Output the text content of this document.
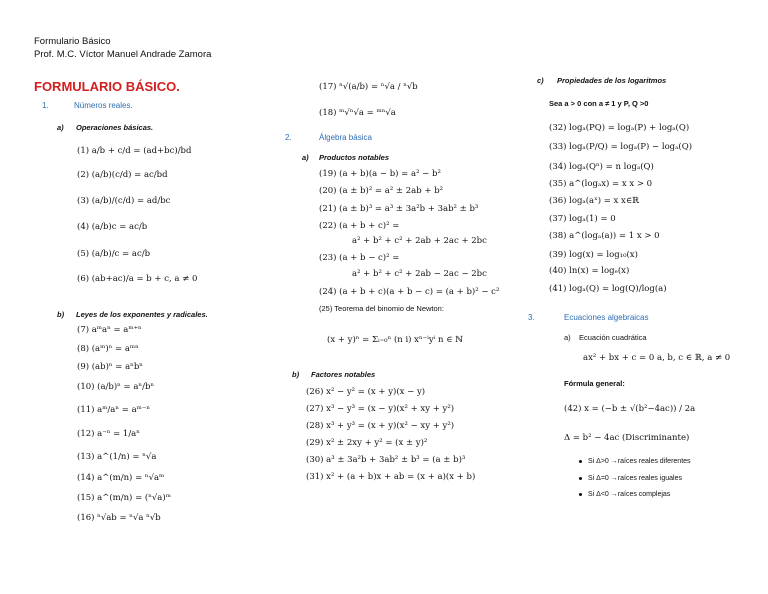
Formulario Básico
Prof. M.C. Víctor Manuel Andrade Zamora
FORMULARIO BÁSICO.
1.	Números reales.
a) Operaciones básicas.
(1) a/b + c/d = (ad+bc)/bd
(2) (a/b)(c/d) = ac/bd
(3) (a/b)/(c/d) = ad/bc
(4) (a/b)c = ac/b
(5) (a/b)/c = ac/b
(6) (ab+ac)/a = b + c, a ≠ 0
b) Leyes de los exponentes y radicales.
(7) aᵐaⁿ = aᵐ⁺ⁿ
(8) (aᵐ)ⁿ = aᵐⁿ
(9) (ab)ⁿ = aⁿbⁿ
(10) (a/b)ⁿ = aⁿ/bⁿ
(11) aᵐ/aⁿ = aᵐ⁻ⁿ
(12) a⁻ⁿ = 1/aⁿ
(13) a^(1/n) = ⁿ√a
(14) a^(m/n) = ⁿ√aᵐ
(15) a^(m/n) = (ⁿ√a)ᵐ
(16) ⁿ√ab = ⁿ√a ⁿ√b
(17) ⁿ√(a/b) = ⁿ√a / ⁿ√b
(18) ᵐ√ⁿ√a = ᵐⁿ√a
2.	Álgebra básica
a) Productos notables
(19) (a + b)(a − b) = a² − b²
(20) (a ± b)² = a² ± 2ab + b²
(21) (a ± b)³ = a³ ± 3a²b + 3ab² ± b³
(22) (a + b + c)² =
a² + b² + c² + 2ab + 2ac + 2bc
(23) (a + b − c)² =
a² + b² + c² + 2ab − 2ac − 2bc
(24) (a + b + c)(a + b − c) = (a + b)² − c²
(25) Teorema del binomio de Newton:
(x + y)ⁿ = Σᵢ₌₀ⁿ (n i) xⁿ⁻ⁱyⁱ n ∈ ℕ
b) Factores notables
(26) x² − y² = (x + y)(x − y)
(27) x³ − y³ = (x − y)(x² + xy + y²)
(28) x³ + y³ = (x + y)(x² − xy + y²)
(29) x² ± 2xy + y² = (x ± y)²
(30) a³ ± 3a²b + 3ab² ± b³ = (a ± b)³
(31) x² + (a + b)x + ab = (x + a)(x + b)
c) Propiedades de los logaritmos
Sea a > 0 con a ≠ 1 y P, Q >0
(32) logₐ(PQ) = logₐ(P) + logₐ(Q)
(33) logₐ(P/Q) = logₐ(P) − logₐ(Q)
(34) logₐ(Qⁿ) = n logₐ(Q)
(35) a^(logₐx) = x x > 0
(36) logₐ(aˣ) = x x∈ℝ
(37) logₐ(1) = 0
(38) a^(logₐ(a)) = 1 x > 0
(39) log(x) = log₁₀(x)
(40) ln(x) = logₑ(x)
(41) logₐ(Q) = log(Q)/log(a)
3.	Ecuaciones algebraicas
a) Ecuación cuadrática
ax² + bx + c = 0 a, b, c ∈ ℝ, a ≠ 0
Fórmula general:
(42) x = (−b ± √(b²−4ac)) / 2a
Δ = b² − 4ac (Discriminante)
Si Δ>0 →raíces reales diferentes
Si Δ=0 →raíces reales iguales
Si Δ<0 →raíces complejas
